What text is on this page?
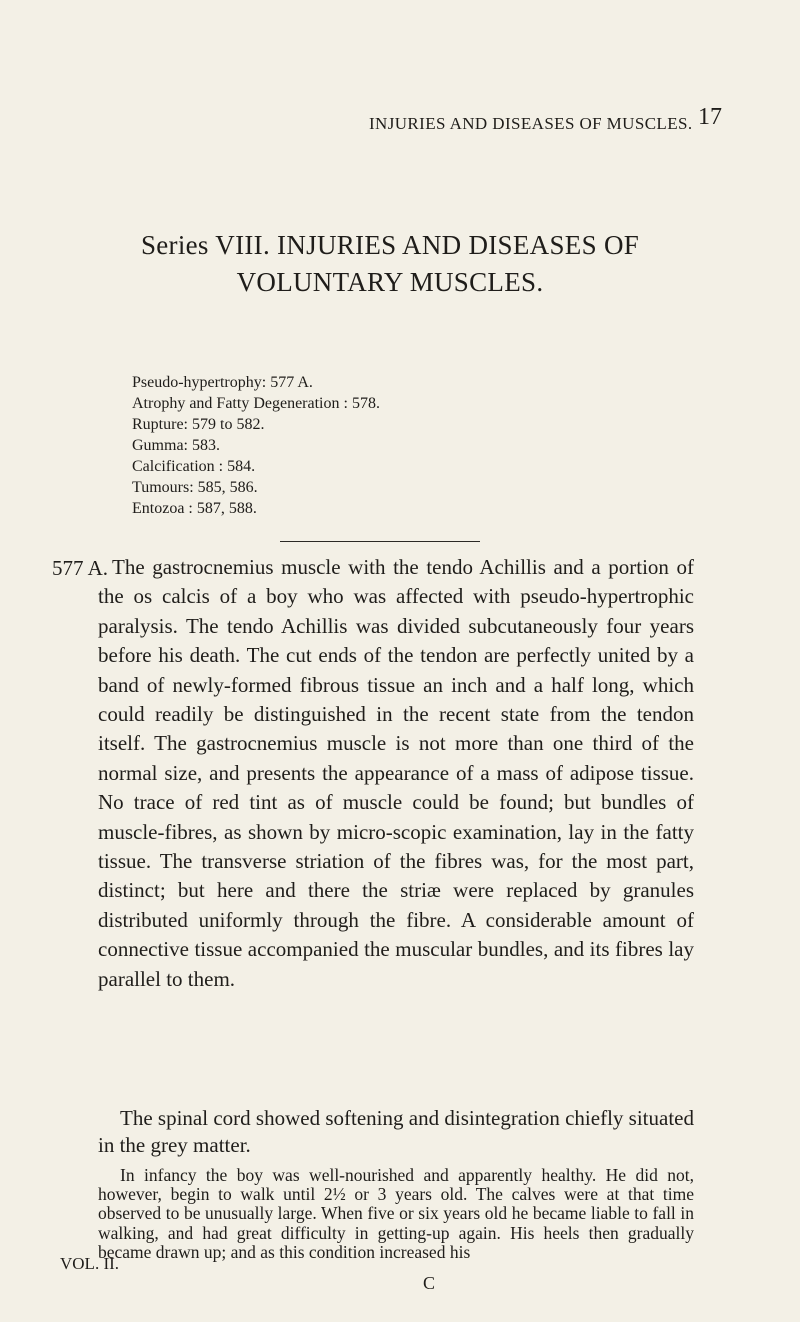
INJURIES AND DISEASES OF MUSCLES. 17
Series VIII. INJURIES AND DISEASES OF
VOLUNTARY MUSCLES.
Pseudo-hypertrophy: 577 A.
Atrophy and Fatty Degeneration : 578.
Rupture: 579 to 582.
Gumma: 583.
Calcification : 584.
Tumours: 585, 586.
Entozoa : 587, 588.
577 A. The gastrocnemius muscle with the tendo Achillis and a portion of the os calcis of a boy who was affected with pseudo-hypertrophic paralysis. The tendo Achillis was divided subcutaneously four years before his death. The cut ends of the tendon are perfectly united by a band of newly-formed fibrous tissue an inch and a half long, which could readily be distinguished in the recent state from the tendon itself. The gastrocnemius muscle is not more than one third of the normal size, and presents the appearance of a mass of adipose tissue. No trace of red tint as of muscle could be found; but bundles of muscle-fibres, as shown by micro-scopic examination, lay in the fatty tissue. The transverse striation of the fibres was, for the most part, distinct; but here and there the striæ were replaced by granules distributed uniformly through the fibre. A considerable amount of connective tissue accompanied the muscular bundles, and its fibres lay parallel to them.
The spinal cord showed softening and disintegration chiefly situated in the grey matter.
In infancy the boy was well-nourished and apparently healthy. He did not, however, begin to walk until 2½ or 3 years old. The calves were at that time observed to be unusually large. When five or six years old he became liable to fall in walking, and had great difficulty in getting-up again. His heels then gradually became drawn up; and as this condition increased his
VOL. II.
C
